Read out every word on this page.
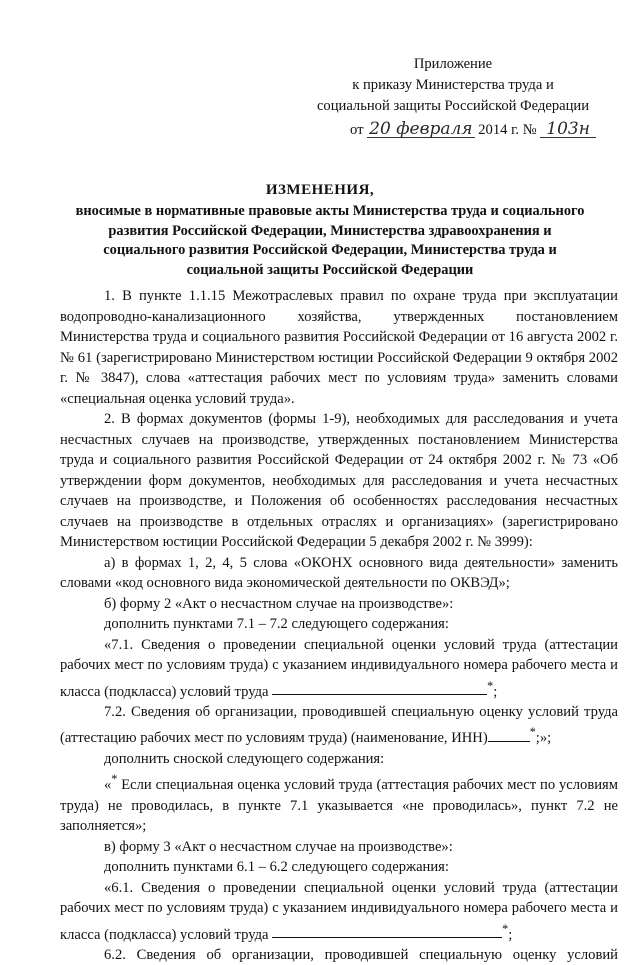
Приложение
к приказу Министерства труда и
социальной защиты Российской Федерации
от 20 февраля 2014 г. № 103н
ИЗМЕНЕНИЯ,
вносимые в нормативные правовые акты Министерства труда и социального развития Российской Федерации, Министерства здравоохранения и социального развития Российской Федерации, Министерства труда и социальной защиты Российской Федерации

1. В пункте 1.1.15 Межотраслевых правил по охране труда при эксплуатации водопроводно-канализационного хозяйства, утвержденных постановлением Министерства труда и социального развития Российской Федерации от 16 августа 2002 г. № 61 (зарегистрировано Министерством юстиции Российской Федерации 9 октября 2002 г. № 3847), слова «аттестация рабочих мест по условиям труда» заменить словами «специальная оценка условий труда».

2. В формах документов (формы 1-9), необходимых для расследования и учета несчастных случаев на производстве, утвержденных постановлением Министерства труда и социального развития Российской Федерации от 24 октября 2002 г. № 73 «Об утверждении форм документов, необходимых для расследования и учета несчастных случаев на производстве, и Положения об особенностях расследования несчастных случаев на производстве в отдельных отраслях и организациях» (зарегистрировано Министерством юстиции Российской Федерации 5 декабря 2002 г. № 3999):

а) в формах 1, 2, 4, 5 слова «ОКОНХ основного вида деятельности» заменить словами «код основного вида экономической деятельности по ОКВЭД»;

б) форму 2 «Акт о несчастном случае на производстве»:

дополнить пунктами 7.1 – 7.2 следующего содержания:

«7.1. Сведения о проведении специальной оценки условий труда (аттестации рабочих мест по условиям труда) с указанием индивидуального номера рабочего места и класса (подкласса) условий труда	*;

7.2. Сведения об организации, проводившей специальную оценку условий труда (аттестацию рабочих мест по условиям труда) (наименование, ИНН)	*;»;

дополнить сноской следующего содержания:

«* Если специальная оценка условий труда (аттестация рабочих мест по условиям труда) не проводилась, в пункте 7.1 указывается «не проводилась», пункт 7.2 не заполняется»;

в) форму 3 «Акт о несчастном случае на производстве»:

дополнить пунктами 6.1 – 6.2 следующего содержания:

«6.1. Сведения о проведении специальной оценки условий труда (аттестации рабочих мест по условиям труда) с указанием индивидуального номера рабочего места и класса (подкласса) условий труда	*;

6.2. Сведения об организации, проводившей специальную оценку условий
